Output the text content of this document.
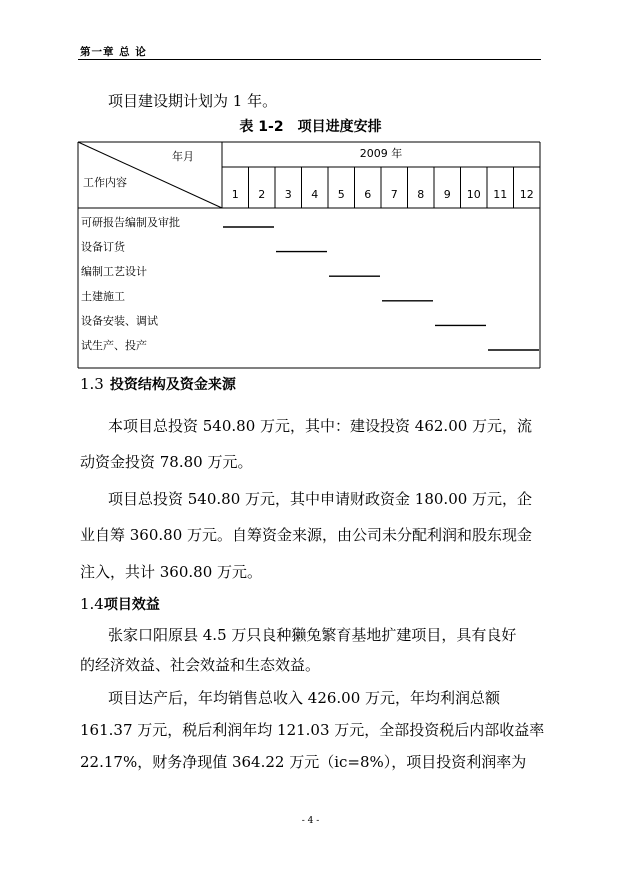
第一章 总 论
项目建设期计划为 1 年。
表 1-2 项目进度安排
年月
工作内容
2009 年
1 2 3 4 5 6 7 8 9 10 11 12
可研报告编制及审批
设备订货
编制工艺设计
土建施工
设备安装、调试
试生产、投产
1.3 投资结构及资金来源
本项目总投资 540.80 万元，其中：建设投资 462.00 万元，流
动资金投资 78.80 万元。
项目总投资 540.80 万元，其中申请财政资金 180.00 万元，企
业自筹 360.80 万元。自筹资金来源，由公司未分配利润和股东现金
注入，共计 360.80 万元。
1.4项目效益
张家口阳原县 4.5 万只良种獭兔繁育基地扩建项目，具有良好
的经济效益、社会效益和生态效益。
项目达产后，年均销售总收入 426.00 万元，年均利润总额
161.37 万元，税后利润年均 121.03 万元，全部投资税后内部收益率
22.17%，财务净现值 364.22 万元（ic=8%），项目投资利润率为
- 4 -
